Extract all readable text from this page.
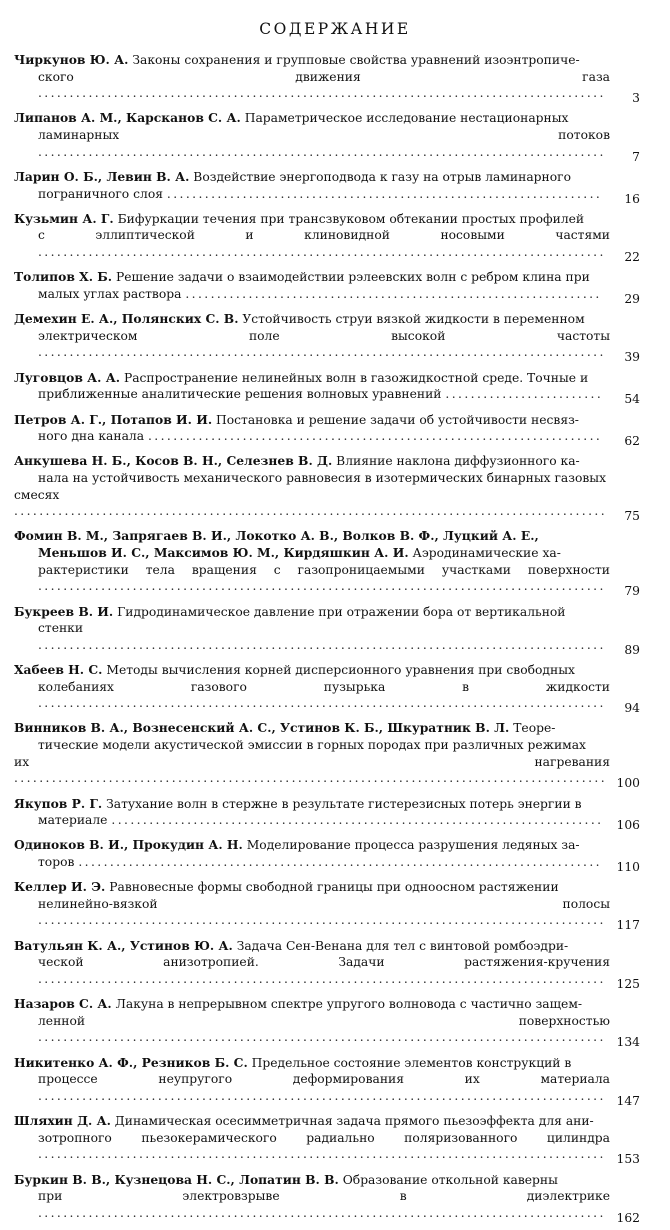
СОДЕРЖАНИЕ
Чиркунов Ю. А. Законы сохранения и групповые свойства уравнений изоэнтропиче-
ского движения газа ..........................................................................................	3
Липанов А. М., Карсканов С. А. Параметрическое исследование нестационарных
ламинарных потоков ..........................................................................................	7
Ларин О. Б., Левин В. А. Воздействие энергоподвода к газу на отрыв ламинарного
пограничного слоя .....................................................................	16
Кузьмин А. Г. Бифуркации течения при трансзвуковом обтекании простых профилей
с эллиптической и клиновидной носовыми частями ..........................................................................................	22
Толипов Х. Б. Решение задачи о взаимодействии рэлеевских волн с ребром клина при
малых углах раствора ..................................................................	29
Демехин Е. А., Полянских С. В. Устойчивость струи вязкой жидкости в переменном
электрическом поле высокой частоты ..........................................................................................	39
Луговцов А. А. Распространение нелинейных волн в газожидкостной среде. Точные и
приближенные аналитические решения волновых уравнений .........................	54
Петров А. Г., Потапов И. И. Постановка и решение задачи об устойчивости несвяз-
ного дна канала ........................................................................	62
Анкушева Н. Б., Косов В. Н., Селезнев В. Д. Влияние наклона диффузионного ка-
нала на устойчивость механического равновесия в изотермических бинарных газовых
смесях ..............................................................................................	75
Фомин В. М., Запрягаев В. И., Локотко А. В., Волков В. Ф., Луцкий А. Е.,
Меньшов И. С., Максимов Ю. М., Кирдяшкин А. И. Аэродинамические ха-
рактеристики тела вращения с газопроницаемыми участками поверхности ..........................................................................................	79
Букреев В. И. Гидродинамическое давление при отражении бора от вертикальной
стенки ..........................................................................................	89
Хабеев Н. С. Методы вычисления корней дисперсионного уравнения при свободных
колебаниях газового пузырька в жидкости ..........................................................................................	94
Винников В. А., Вознесенский А. С., Устинов К. Б., Шкуратник В. Л. Теоре-
тические модели акустической эмиссии в горных породах при различных режимах
их нагревания .............................................................................................. 100
Якупов Р. Г. Затухание волн в стержне в результате гистерезисных потерь энергии в
материале ..............................................................................	106
Одиноков В. И., Прокудин А. Н. Моделирование процесса разрушения ледяных за-
торов ...................................................................................	110
Келлер И. Э. Равновесные формы свободной границы при одноосном растяжении
нелинейно-вязкой полосы .......................................................................................... 117
Ватульян К. А., Устинов Ю. А. Задача Сен-Венана для тел с винтовой ромбоэдри-
ческой анизотропией. Задачи растяжения-кручения .......................................................................................... 125
Назаров С. А. Лакуна в непрерывном спектре упругого волновода с частично защем-
ленной поверхностью .......................................................................................... 134
Никитенко А. Ф., Резников Б. С. Предельное состояние элементов конструкций в
процессе неупругого деформирования их материала .......................................................................................... 147
Шляхин Д. А. Динамическая осесимметричная задача прямого пьезоэффекта для ани-
зотропного пьезокерамического радиально поляризованного цилиндра .......................................................................................... 153
Буркин В. В., Кузнецова Н. С., Лопатин В. В. Образование откольной каверны
при электровзрыве в диэлектрике .......................................................................................... 162
